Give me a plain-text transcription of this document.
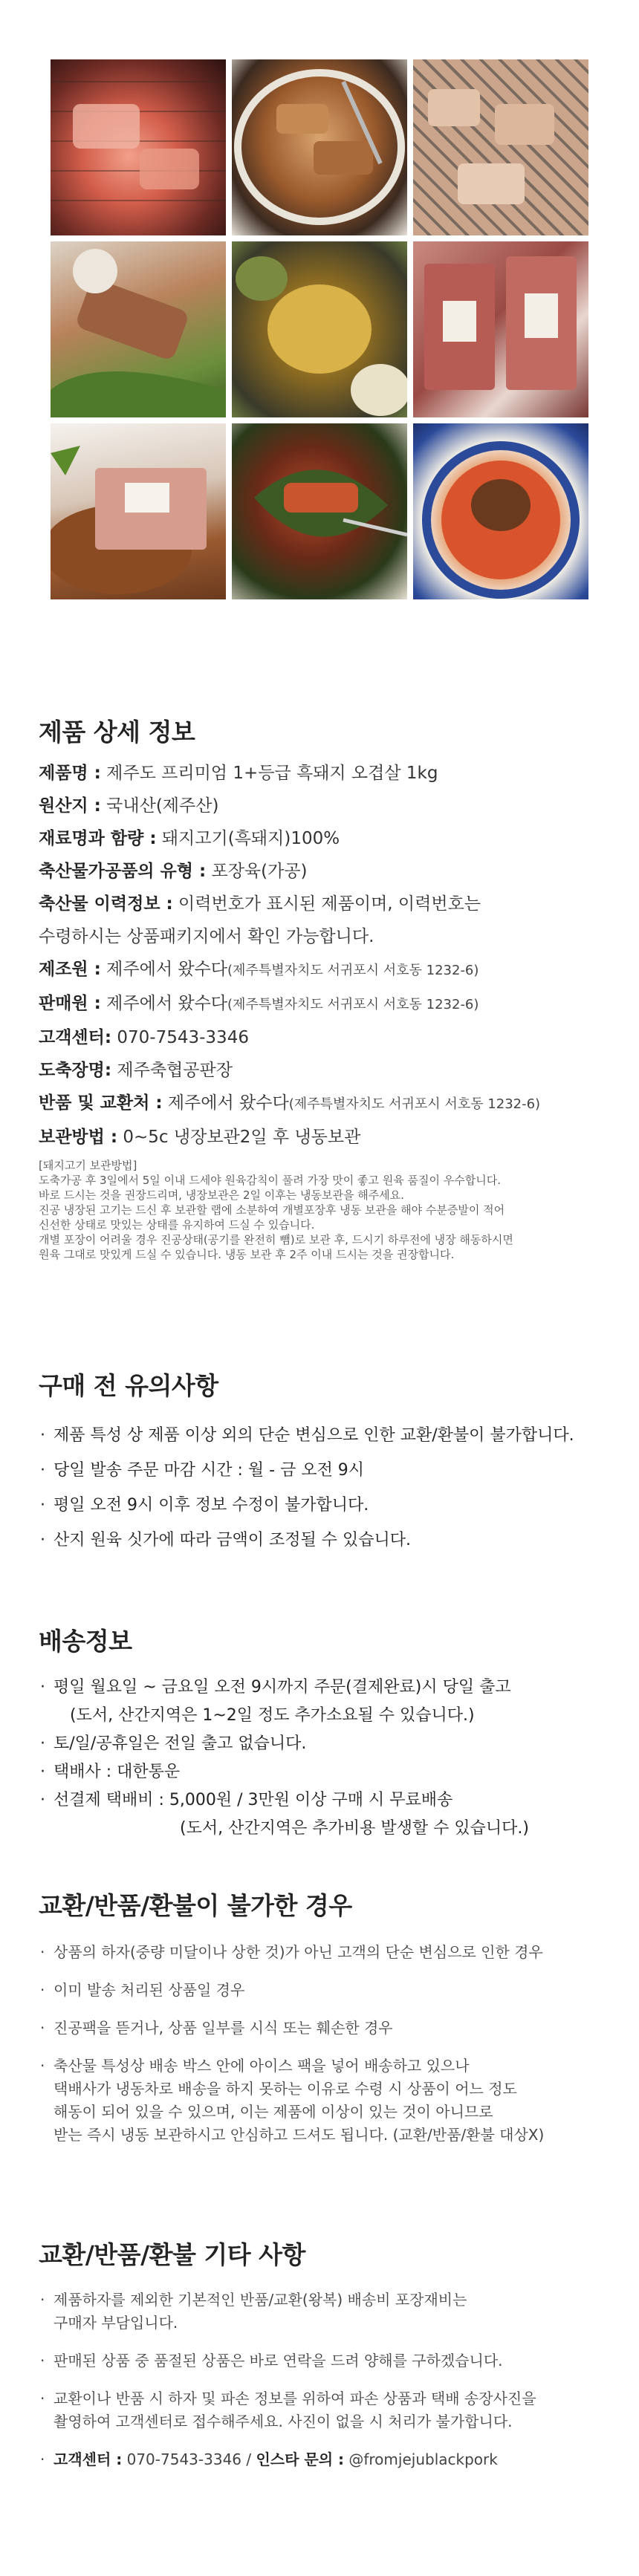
제품 상세 정보
제품명 : 제주도 프리미엄 1+등급 흑돼지 오겹살 1kg
원산지 : 국내산(제주산)
재료명과 함량 : 돼지고기(흑돼지)100%
축산물가공품의 유형 : 포장육(가공)
축산물 이력정보 : 이력번호가 표시된 제품이며, 이력번호는
수령하시는 상품패키지에서 확인 가능합니다.
제조원 : 제주에서 왔수다(제주특별자치도 서귀포시 서호동 1232-6)
판매원 : 제주에서 왔수다(제주특별자치도 서귀포시 서호동 1232-6)
고객센터: 070-7543-3346
도축장명: 제주축협공판장
반품 및 교환처 : 제주에서 왔수다(제주특별자치도 서귀포시 서호동 1232-6)
보관방법 : 0~5c 냉장보관2일 후 냉동보관
[돼지고기 보관방법]
도축가공 후 3일에서 5일 이내 드세야 원육감칙이 풀려 가장 맛이 좋고 원육 품질이 우수합니다.
바로 드시는 것을 권장드리며, 냉장보관은 2일 이후는 냉동보관을 해주세요.
진공 냉장된 고기는 드신 후 보관할 랩에 소분하여 개별포장후 냉동 보관을 해야 수분증발이 적어
신선한 상태로 맛있는 상태를 유지하여 드실 수 있습니다.
개별 포장이 어려울 경우 진공상태(공기를 완전히 뺌)로 보관 후, 드시기 하루전에 냉장 해동하시면
원육 그대로 맛있게 드실 수 있습니다. 냉동 보관 후 2주 이내 드시는 것을 권장합니다.
구매 전 유의사항
· 제품 특성 상 제품 이상 외의 단순 변심으로 인한 교환/환불이 불가합니다.
· 당일 발송 주문 마감 시간 : 월 - 금 오전 9시
· 평일 오전 9시 이후 정보 수정이 불가합니다.
· 산지 원육 싯가에 따라 금액이 조정될 수 있습니다.
배송정보
· 평일 월요일 ~ 금요일 오전 9시까지 주문(결제완료)시 당일 출고
(도서, 산간지역은 1~2일 정도 추가소요될 수 있습니다.)
· 토/일/공휴일은 전일 출고 없습니다.
· 택배사 : 대한통운
· 선결제 택배비 : 5,000원 / 3만원 이상 구매 시 무료배송
(도서, 산간지역은 추가비용 발생할 수 있습니다.)
교환/반품/환불이 불가한 경우
· 상품의 하자(중량 미달이나 상한 것)가 아닌 고객의 단순 변심으로 인한 경우
· 이미 발송 처리된 상품일 경우
· 진공팩을 뜯거나, 상품 일부를 시식 또는 훼손한 경우
· 축산물 특성상 배송 박스 안에 아이스 팩을 넣어 배송하고 있으나
택배사가 냉동차로 배송을 하지 못하는 이유로 수령 시 상품이 어느 정도
해동이 되어 있을 수 있으며, 이는 제품에 이상이 있는 것이 아니므로
받는 즉시 냉동 보관하시고 안심하고 드셔도 됩니다. (교환/반품/환불 대상X)
교환/반품/환불 기타 사항
· 제품하자를 제외한 기본적인 반품/교환(왕복) 배송비 포장재비는
구매자 부담입니다.
· 판매된 상품 중 품절된 상품은 바로 연락을 드려 양해를 구하겠습니다.
· 교환이나 반품 시 하자 및 파손 정보를 위하여 파손 상품과 택배 송장사진을
촬영하여 고객센터로 접수해주세요. 사진이 없을 시 처리가 불가합니다.
· 고객센터 : 070-7543-3346 / 인스타 문의 : @fromjejublackpork
